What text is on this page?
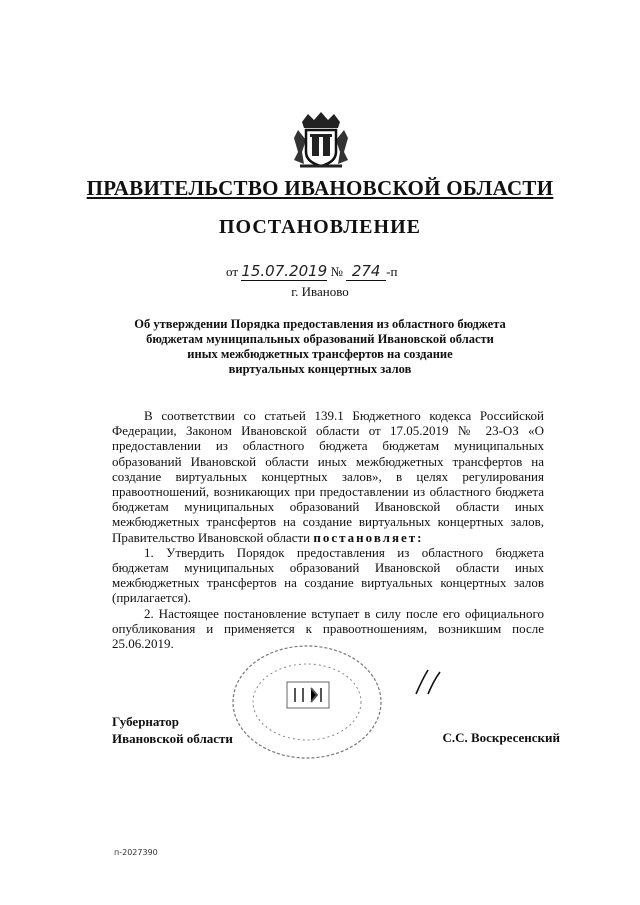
ПРАВИТЕЛЬСТВО ИВАНОВСКОЙ ОБЛАСТИ
ПОСТАНОВЛЕНИЕ
от 15.07.2019 № 274 -п
г. Иваново
Об утверждении Порядка предоставления из областного бюджета
бюджетам муниципальных образований Ивановской области
иных межбюджетных трансфертов на создание
виртуальных концертных залов

В соответствии со статьей 139.1 Бюджетного кодекса Российской Федерации, Законом Ивановской области от 17.05.2019 № 23-ОЗ «О предоставлении из областного бюджета бюджетам муниципальных образований Ивановской области иных межбюджетных трансфертов на создание виртуальных концертных залов», в целях регулирования правоотношений, возникающих при предоставлении из областного бюджета бюджетам муниципальных образований Ивановской области иных межбюджетных трансфертов на создание виртуальных концертных залов, Правительство Ивановской области постановляет:

1. Утвердить Порядок предоставления из областного бюджета бюджетам муниципальных образований Ивановской области иных межбюджетных трансфертов на создание виртуальных концертных залов (прилагается).

2. Настоящее постановление вступает в силу после его официального опубликования и применяется к правоотношениям, возникшим после 25.06.2019.

Губернатор
Ивановской области	С.С. Воскресенский
п-2027390
